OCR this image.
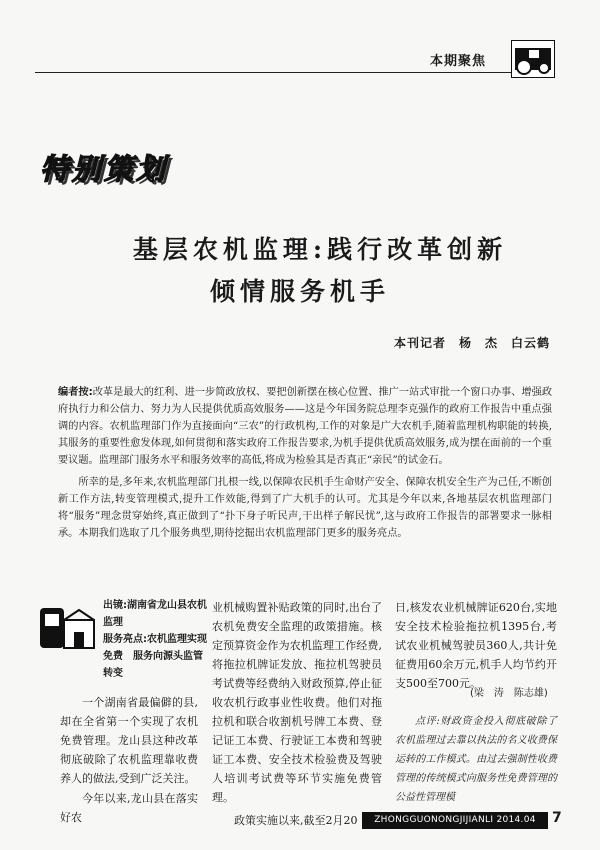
本期聚焦
特别策划
基层农机监理:践行改革创新
倾情服务机手
本刊记者　杨　杰　白云鹤

编者按:改革是最大的红利、进一步简政放权、要把创新摆在核心位置、推广一站式审批一个窗口办事、增强政府执行力和公信力、努力为人民提供优质高效服务——这是今年国务院总理李克强作的政府工作报告中重点强调的内容。农机监理部门作为直接面向“三农”的行政机构,工作的对象是广大农机手,随着监理机构职能的转换,其服务的重要性愈发体现,如何贯彻和落实政府工作报告要求,为机手提供优质高效服务,成为摆在面前的一个重要议题。监理部门服务水平和服务效率的高低,将成为检验其是否真正“亲民”的试金石。

所幸的是,多年来,农机监理部门扎根一线,以保障农民机手生命财产安全、保障农机安全生产为己任,不断创新工作方法,转变管理模式,提升工作效能,得到了广大机手的认可。尤其是今年以来,各地基层农机监理部门将“服务”理念贯穿始终,真正做到了“扑下身子听民声,干出样子解民忧”,这与政府工作报告的部署要求一脉相承。本期我们选取了几个服务典型,期待挖掘出农机监理部门更多的服务亮点。

出镜:湖南省龙山县农机监理
服务亮点:农机监理实现免费　服务向源头监管转变

一个湖南省最偏僻的县,却在全省第一个实现了农机免费管理。龙山县这种改革彻底破除了农机监理靠收费养人的做法,受到广泛关注。

今年以来,龙山县在落实好农

业机械购置补贴政策的同时,出台了农机免费安全监理的政策措施。核定预算资金作为农机监理工作经费,将拖拉机牌证发放、拖拉机驾驶员考试费等经费纳入财政预算,停止征收农机行政事业性收费。他们对拖拉机和联合收割机号牌工本费、登记证工本费、行驶证工本费和驾驶证工本费、安全技术检验费及驾驶人培训考试费等环节实施免费管理。
　　政策实施以来,截至2月20

日,核发农业机械牌证620台,实地安全技术检验拖拉机1395台,考试农业机械驾驶员360人,共计免征费用60余万元,机手人均节约开支500至700元。

(梁　涛　陈志雄)

点评:财政资金投入彻底破除了农机监理过去靠以执法的名义收费保运转的工作模式。由过去强制性收费管理的传统模式向服务性免费管理的公益性管理模

ZHONGGUONONGJIJIANLI 2014.04	7
